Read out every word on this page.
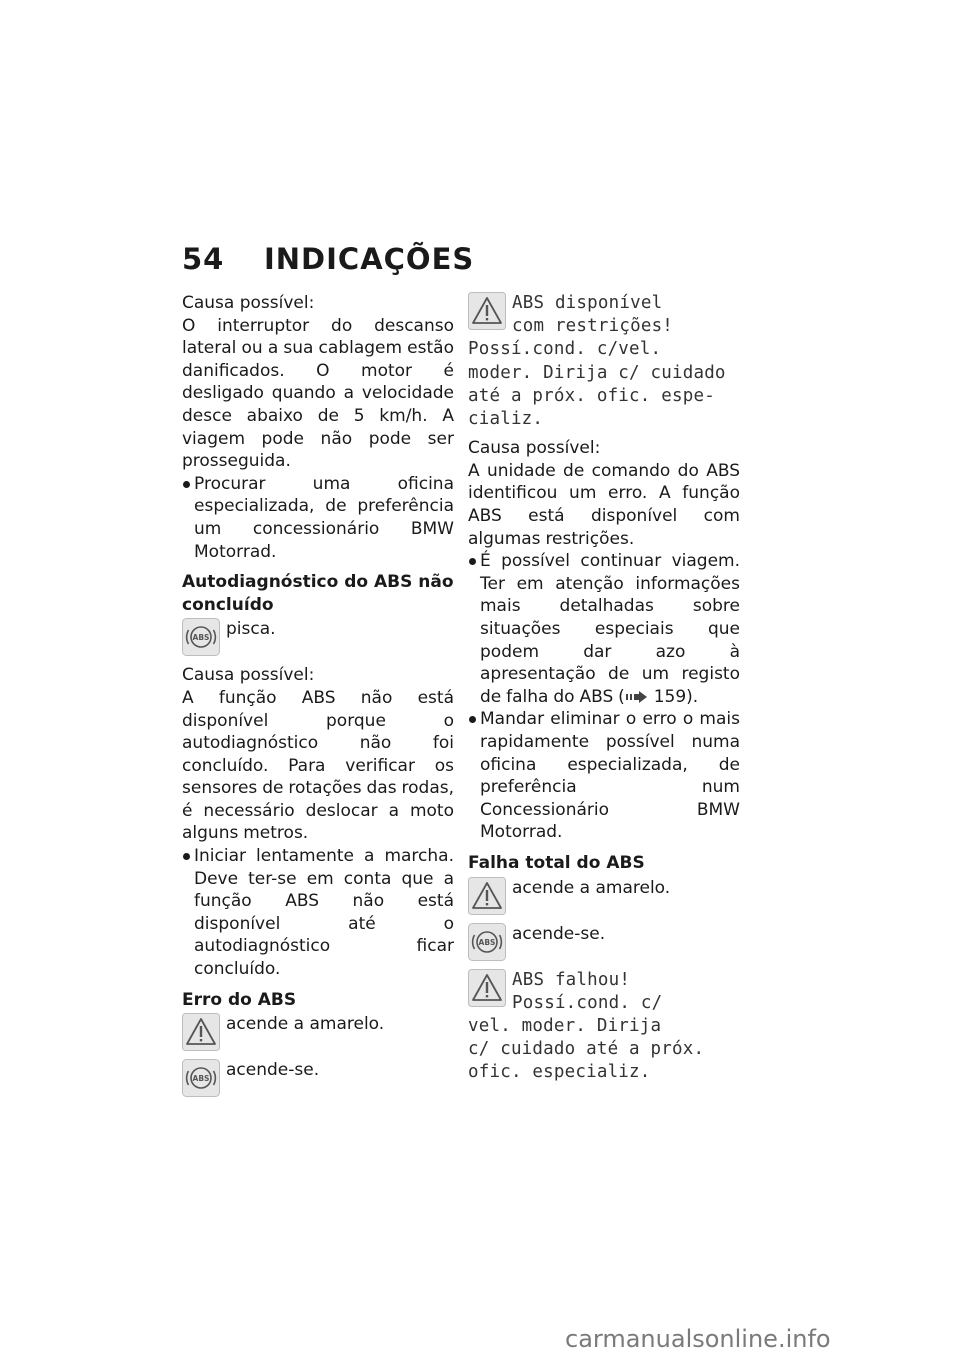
54 INDICAÇÕES

Causa possível:

O interruptor do descanso lateral ou a sua cablagem estão danificados. O motor é desligado quando a velocidade desce abaixo de 5 km/h. A viagem pode não pode ser prosseguida.

Procurar uma oficina especializada, de preferência um concessionário BMW Motorrad.

Autodiagnóstico do ABS não concluído

ABS pisca.

Causa possível:

A função ABS não está disponível porque o autodiagnóstico não foi concluído. Para verificar os sensores de rotações das rodas, é necessário deslocar a moto alguns metros.

Iniciar lentamente a marcha. Deve ter-se em conta que a função ABS não está disponível até o autodiagnóstico ficar concluído.

Erro do ABS

acende a amarelo.
ABS acende-se.

ABS disponível

com restrições!

Possí.cond. c/vel.

moder. Dirija c/ cuidado

até a próx. ofic. espe-

cializ.

Causa possível:

A unidade de comando do ABS identificou um erro. A função ABS está disponível com algumas restrições.

É possível continuar viagem. Ter em atenção informações mais detalhadas sobre situações especiais que podem dar azo à apresentação de um registo de falha do ABS ( 159).

Mandar eliminar o erro o mais rapidamente possível numa oficina especializada, de preferência num Concessionário BMW Motorrad.

Falha total do ABS

acende a amarelo.
ABS acende-se.

ABS falhou!

Possí.cond. c/

vel. moder. Dirija

c/ cuidado até a próx.

ofic. especializ.

carmanualsonline.info
